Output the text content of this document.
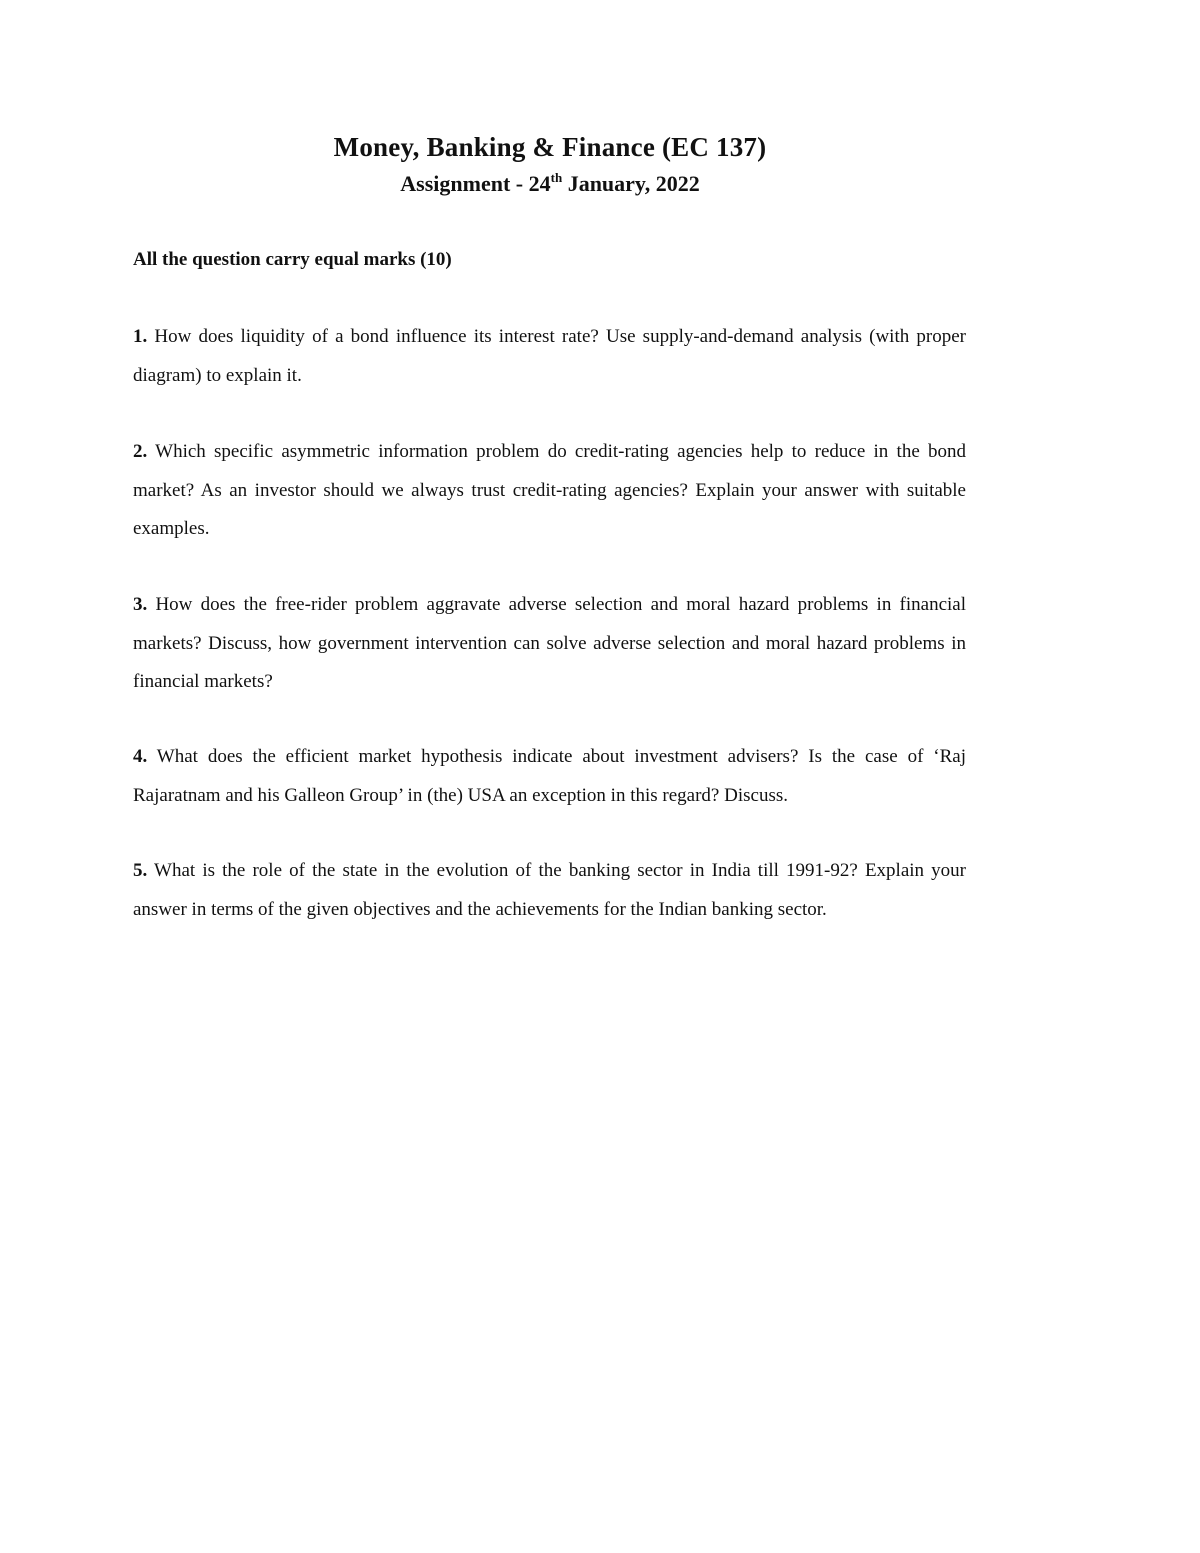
Money, Banking & Finance (EC 137)
Assignment - 24th January, 2022
All the question carry equal marks (10)

1. How does liquidity of a bond influence its interest rate? Use supply-and-demand analysis (with proper diagram) to explain it.

2. Which specific asymmetric information problem do credit-rating agencies help to reduce in the bond market? As an investor should we always trust credit-rating agencies? Explain your answer with suitable examples.

3. How does the free-rider problem aggravate adverse selection and moral hazard problems in financial markets? Discuss, how government intervention can solve adverse selection and moral hazard problems in financial markets?

4. What does the efficient market hypothesis indicate about investment advisers? Is the case of ‘Raj Rajaratnam and his Galleon Group’ in (the) USA an exception in this regard? Discuss.

5. What is the role of the state in the evolution of the banking sector in India till 1991-92? Explain your answer in terms of the given objectives and the achievements for the Indian banking sector.
